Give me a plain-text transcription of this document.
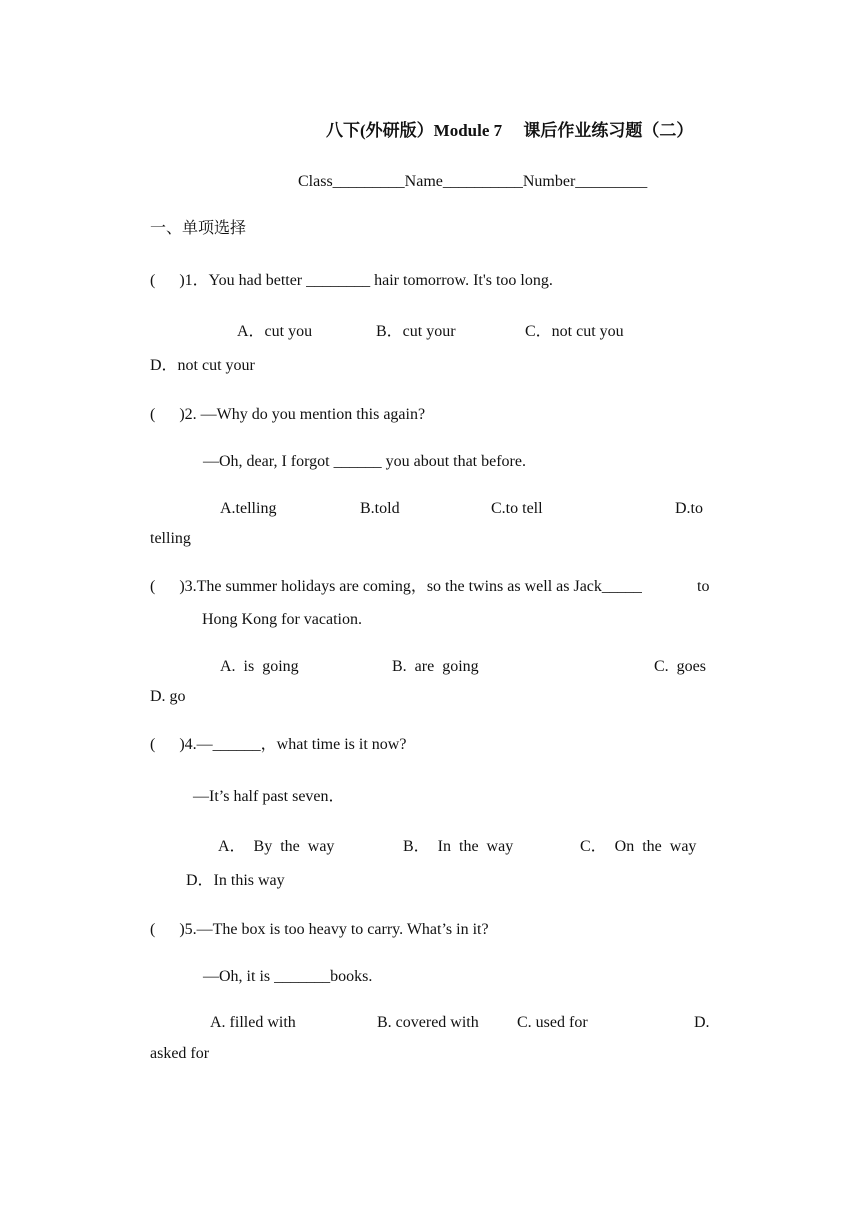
八下(外研版）Module 7     课后作业练习题（二）
Class_________Name__________Number_________
一、单项选择
(      )1．You had better ________ hair tomorrow. It's too long.
A．cut you	B．cut your	C．not cut you
D．not cut your
(      )2. —Why do you mention this again?
—Oh, dear, I forgot ______ you about that before.
A.telling	B.told	C.to tell	D.to
telling
(      )3.The summer holidays are coming，so the twins as well as Jack_____	to
Hong Kong for vacation.
A.  is  going	B.  are  going	C.  goes
D. go
(      )4.—______，what time is it now?
—It’s half past seven．
A．  By  the  way	B．  In  the  way	C．  On  the  way
D．In this way
(      )5.—The box is too heavy to carry. What’s in it?
—Oh, it is _______books.
A. filled with	B. covered with C. used for	D.
asked for
